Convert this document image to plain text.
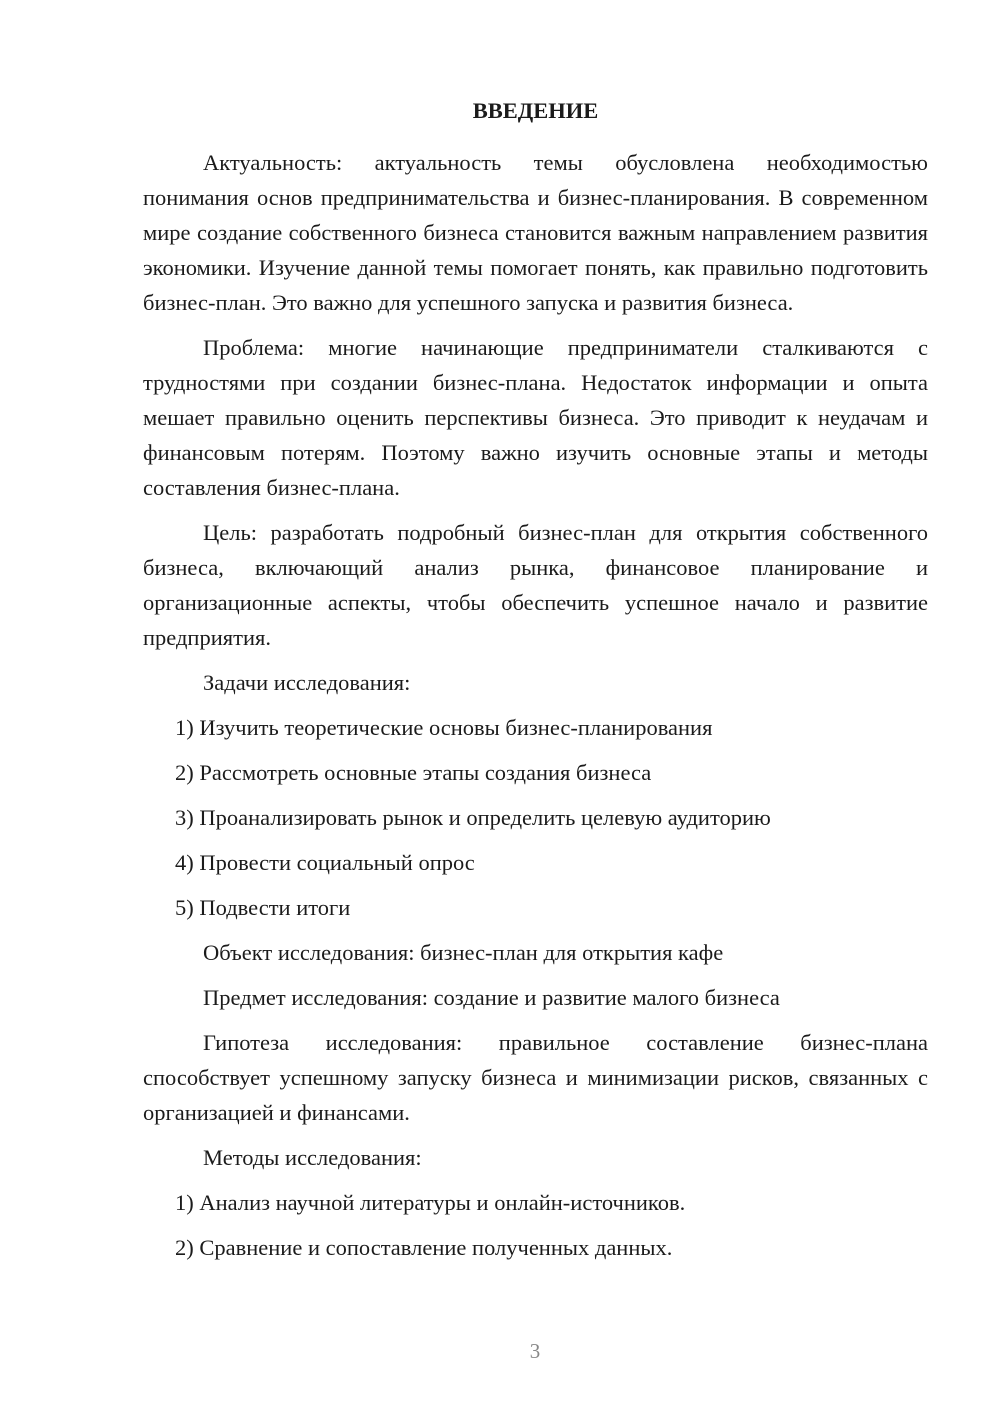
ВВЕДЕНИЕ

Актуальность: актуальность темы обусловлена необходимостью понимания основ предпринимательства и бизнес-планирования. В современном мире создание собственного бизнеса становится важным направлением развития экономики. Изучение данной темы помогает понять, как правильно подготовить бизнес-план. Это важно для успешного запуска и развития бизнеса.

Проблема: многие начинающие предприниматели сталкиваются с трудностями при создании бизнес-плана. Недостаток информации и опыта мешает правильно оценить перспективы бизнеса. Это приводит к неудачам и финансовым потерям. Поэтому важно изучить основные этапы и методы составления бизнес-плана.

Цель: разработать подробный бизнес-план для открытия собственного бизнеса, включающий анализ рынка, финансовое планирование и организационные аспекты, чтобы обеспечить успешное начало и развитие предприятия.

Задачи исследования:

1) Изучить теоретические основы бизнес-планирования

2) Рассмотреть основные этапы создания бизнеса

3) Проанализировать рынок и определить целевую аудиторию

4) Провести социальный опрос

5) Подвести итоги

Объект исследования: бизнес-план для открытия кафе

Предмет исследования: создание и развитие малого бизнеса

Гипотеза исследования: правильное составление бизнес-плана способствует успешному запуску бизнеса и минимизации рисков, связанных с организацией и финансами.

Методы исследования:

1) Анализ научной литературы и онлайн-источников.

2) Сравнение и сопоставление полученных данных.

3
